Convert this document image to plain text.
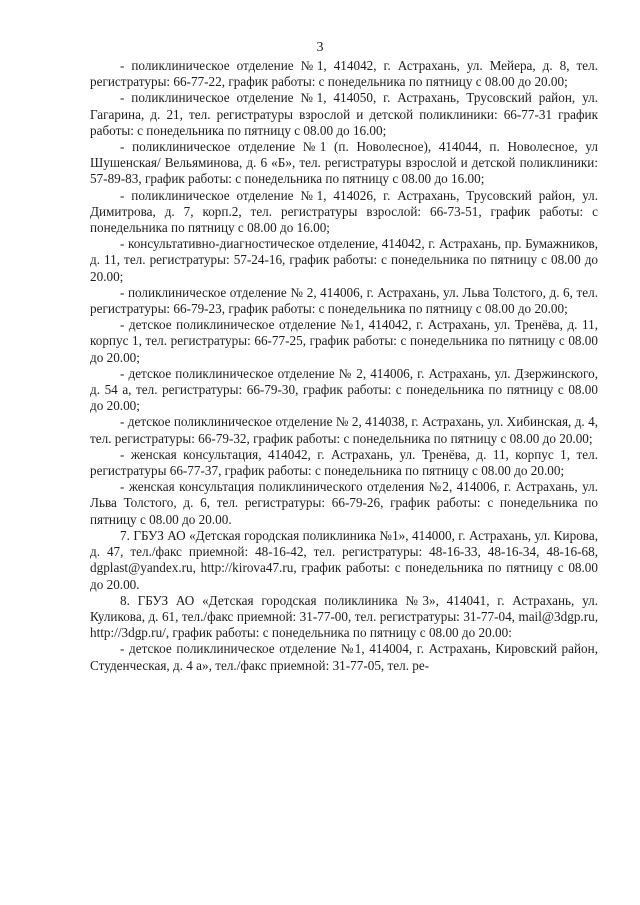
3

- поликлиническое отделение №1, 414042, г. Астрахань, ул. Мейера, д. 8, тел. регистратуры: 66-77-22, график работы: с понедельника по пятницу с 08.00 до 20.00;

- поликлиническое отделение №1, 414050, г. Астрахань, Трусовский район, ул. Гагарина, д. 21, тел. регистратуры взрослой и детской поликлиники: 66-77-31 график работы: с понедельника по пятницу с 08.00 до 16.00;

- поликлиническое отделение №1 (п. Новолесное), 414044, п. Новолесное, ул Шушенская/ Вельяминова, д. 6 «Б», тел. регистратуры взрослой и детской поликлиники: 57-89-83, график работы: с понедельника по пятницу с 08.00 до 16.00;

- поликлиническое отделение №1, 414026, г. Астрахань, Трусовский район, ул. Димитрова, д. 7, корп.2, тел. регистратуры взрослой: 66-73-51, график работы: с понедельника по пятницу с 08.00 до 16.00;

- консультативно-диагностическое отделение, 414042, г. Астрахань, пр. Бумажников, д. 11, тел. регистратуры: 57-24-16, график работы: с понедельника по пятницу с 08.00 до 20.00;

- поликлиническое отделение № 2, 414006, г. Астрахань, ул. Льва Толстого, д. 6, тел. регистратуры: 66-79-23, график работы: с понедельника по пятницу с 08.00 до 20.00;

- детское поликлиническое отделение №1, 414042, г. Астрахань, ул. Тренёва, д. 11, корпус 1, тел. регистратуры: 66-77-25, график работы: с понедельника по пятницу с 08.00 до 20.00;

- детское поликлиническое отделение № 2, 414006, г. Астрахань, ул. Дзержинского, д. 54 а, тел. регистратуры: 66-79-30, график работы: с понедельника по пятницу с 08.00 до 20.00;

- детское поликлиническое отделение № 2, 414038, г. Астрахань, ул. Хибинская, д. 4, тел. регистратуры: 66-79-32, график работы: с понедельника по пятницу с 08.00 до 20.00;

- женская консультация, 414042, г. Астрахань, ул. Тренёва, д. 11, корпус 1, тел. регистратуры 66-77-37, график работы: с понедельника по пятницу с 08.00 до 20.00;

- женская консультация поликлинического отделения №2, 414006, г. Астрахань, ул. Льва Толстого, д. 6, тел. регистратуры: 66-79-26, график работы: с понедельника по пятницу с 08.00 до 20.00.

7. ГБУЗ АО «Детская городская поликлиника №1», 414000, г. Астрахань, ул. Кирова, д. 47, тел./факс приемной: 48-16-42, тел. регистратуры: 48-16-33, 48-16-34, 48-16-68, dgplast@yandex.ru, http://kirova47.ru, график работы: с понедельника по пятницу с 08.00 до 20.00.

8. ГБУЗ АО «Детская городская поликлиника №3», 414041, г. Астрахань, ул. Куликова, д. 61, тел./факс приемной: 31-77-00, тел. регистратуры: 31-77-04, mail@3dgp.ru, http://3dgp.ru/, график работы: с понедельника по пятницу с 08.00 до 20.00:

- детское поликлиническое отделение №1, 414004, г. Астрахань, Кировский район, Студенческая, д. 4 а», тел./факс приемной: 31-77-05, тел. ре-
